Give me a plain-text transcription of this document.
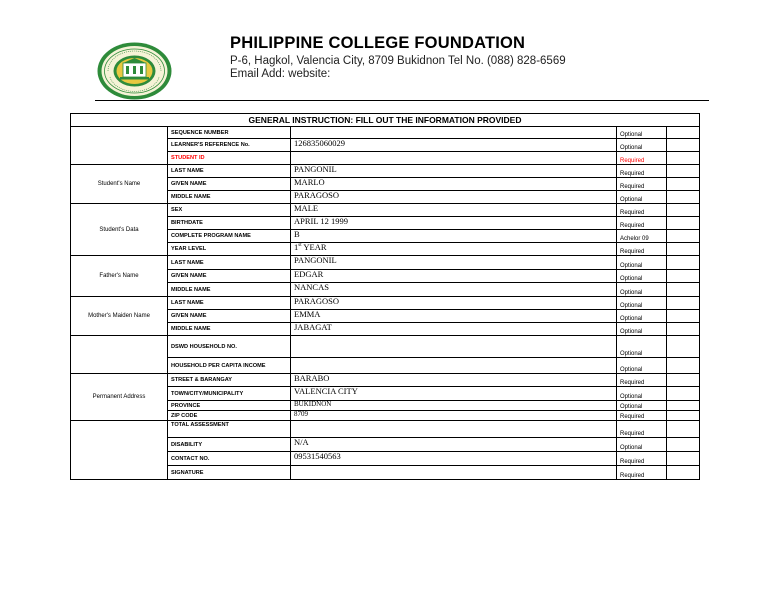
PHILIPPINE COLLEGE FOUNDATION
P-6, Hagkol, Valencia City, 8709 Bukidnon Tel No. (088) 828-6569
Email Add: website:
GENERAL INSTRUCTION: FILL OUT THE INFORMATION PROVIDED				
	SEQUENCE NUMBER		Optional	
	LEARNER'S REFERENCE No.	126835060029	Optional	
	STUDENT ID		Required	
Student's Name	LAST NAME	PANGONIL	Required	
	GIVEN NAME	MARLO	Required	
	MIDDLE NAME	PARAGOSO	Optional	
Student's Data	SEX	MALE	Required	
	BIRTHDATE	APRIL 12 1999	Required	
	COMPLETE PROGRAM NAME	B	Achelor 09	
	YEAR LEVEL	1st YEAR	Required	
Father's Name	LAST NAME	PANGONIL	Optional	
	GIVEN NAME	EDGAR	Optional	
	MIDDLE NAME	NANCAS	Optional	
Mother's Maiden Name	LAST NAME	PARAGOSO	Optional	
	GIVEN NAME	EMMA	Optional	
	MIDDLE NAME	JABAGAT	Optional	
	DSWD HOUSEHOLD NO.		Optional	
	HOUSEHOLD PER CAPITA INCOME		Optional	
Permanent Address	STREET & BARANGAY	BARABO	Required	
	TOWN/CITY/MUNICIPALITY	VALENCIA CITY	Optional	
	PROVINCE	BUKIDNON	Optional	
	ZIP CODE	8709	Required	
	TOTAL ASSESSMENT		Required	
	DISABILITY	N/A	Optional	
	CONTACT NO.	09531540563	Required	
	SIGNATURE		Required	
